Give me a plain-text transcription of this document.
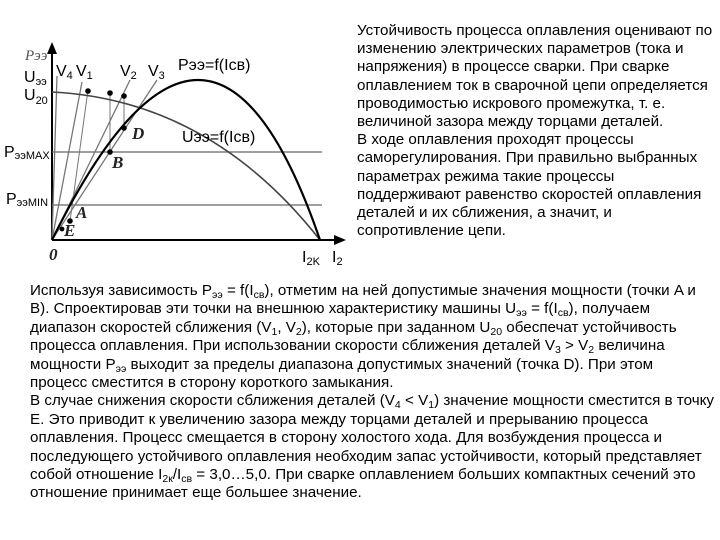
A
B
D
E
Pээ
Uээ
$U_{20}$
V4 V1 V2 V3
Pээ=f(Iсв)
Uээ=f(Iсв)
PээMAX
PээMIN
I2K I2
0

Устойчивость процесса оплавления оценивают по изменению электрических параметров (тока и напряжения) в процессе сварки. При сварке оплавлением ток в сварочной цепи определяется проводимостью искрового промежутка, т. е. величиной зазора между торцами деталей.

В ходе оплавления проходят процессы саморегулирования. При правильно выбранных параметрах режима такие процессы поддерживают равенство скоростей оплавления деталей и их сближения, а значит, и сопротивление цепи.

Используя зависимость $P_{ээ} = f(I_{св})$, отметим на ней допустимые значения мощности (точки A и B). Спроектировав эти точки на внешнюю характеристику машины $U_{ээ} = f(I_{св})$, получаем диапазон скоростей сближения ($V_1$, $V_2$), которые при заданном $U_{20}$ обеспечат устойчивость процесса оплавления. При использовании скорости сближения деталей $V_3 > V_2$ величина мощности $P_{ээ}$ выходит за пределы диапазона допустимых значений (точка D). При этом процесс сместится в сторону короткого замыкания.

В случае снижения скорости сближения деталей $(V_4 < V_1)$ значение мощности сместится в точку E. Это приводит к увеличению зазора между торцами деталей и прерыванию процесса оплавления. Процесс смещается в сторону холостого хода. Для возбуждения процесса и последующего устойчивого оплавления необходим запас устойчивости, который представляет собой отношение $I_{2к}/I_{св}$ = 3,0…5,0. При сварке оплавлением больших компактных сечений это отношение принимает еще большее значение.
